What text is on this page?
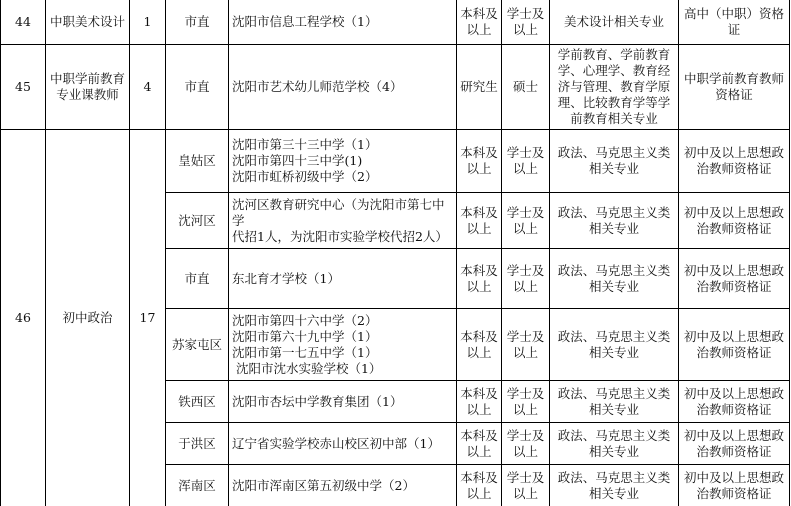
44	中职美术设计	1	市直	沈阳市信息工程学校（1）	本科及
以上	学士及
以上	美术设计相关专业	高中（中职）资格
证

45	中职学前教育
专业课教师	4	市直	沈阳市艺术幼儿师范学校（4）	研究生	硕士	学前教育、学前教育
学、心理学、教育经
济与管理、教育学原
理、比较教育学等学
前教育相关专业	中职学前教育教师
资格证

46	初中政治	17	皇姑区	沈阳市第三十三中学（1）
沈阳市第四十三中学(1)
沈阳市虹桥初级中学（2）	本科及
以上	学士及
以上	政法、马克思主义类
相关专业	初中及以上思想政
治教师资格证

			沈河区	沈河区教育研究中心（为沈阳市第七中学
代招1人，为沈阳市实验学校代招2人）	本科及
以上	学士及
以上	政法、马克思主义类
相关专业	初中及以上思想政
治教师资格证

			市直	东北育才学校（1）	本科及
以上	学士及
以上	政法、马克思主义类
相关专业	初中及以上思想政
治教师资格证

			苏家屯区	沈阳市第四十六中学（2）
沈阳市第六十九中学（1）
沈阳市第一七五中学（1）
沈阳市沈水实验学校（1）	本科及
以上	学士及
以上	政法、马克思主义类
相关专业	初中及以上思想政
治教师资格证

			铁西区	沈阳市杏坛中学教育集团（1）	本科及
以上	学士及
以上	政法、马克思主义类
相关专业	初中及以上思想政
治教师资格证

			于洪区	辽宁省实验学校赤山校区初中部（1）	本科及
以上	学士及
以上	政法、马克思主义类
相关专业	初中及以上思想政
治教师资格证

			浑南区	沈阳市浑南区第五初级中学（2）	本科及
以上	学士及
以上	政法、马克思主义类
相关专业	初中及以上思想政
治教师资格证
